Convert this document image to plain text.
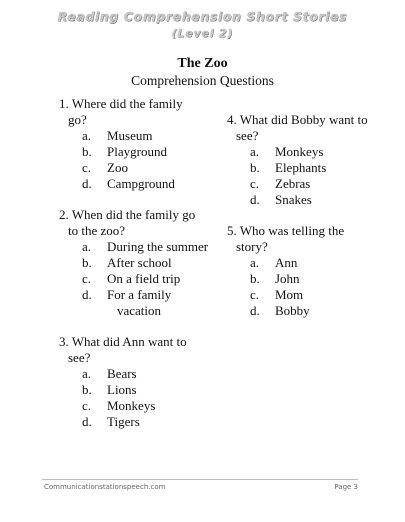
Reading Comprehension Short Stories
(Level 2)
The Zoo
Comprehension Questions
1. Where did the family
go?
a. Museum
b. Playground
c. Zoo
d. Campground
2. When did the family go
to the zoo?
a. During the summer
b. After school
c. On a field trip
d. For a family
vacation
3. What did Ann want to
see?
a. Bears
b. Lions
c. Monkeys
d. Tigers
4. What did Bobby want to
see?
a. Monkeys
b. Elephants
c. Zebras
d. Snakes
5. Who was telling the
story?
a. Ann
b. John
c. Mom
d. Bobby
Communicationstationspeech.com	Page 3
